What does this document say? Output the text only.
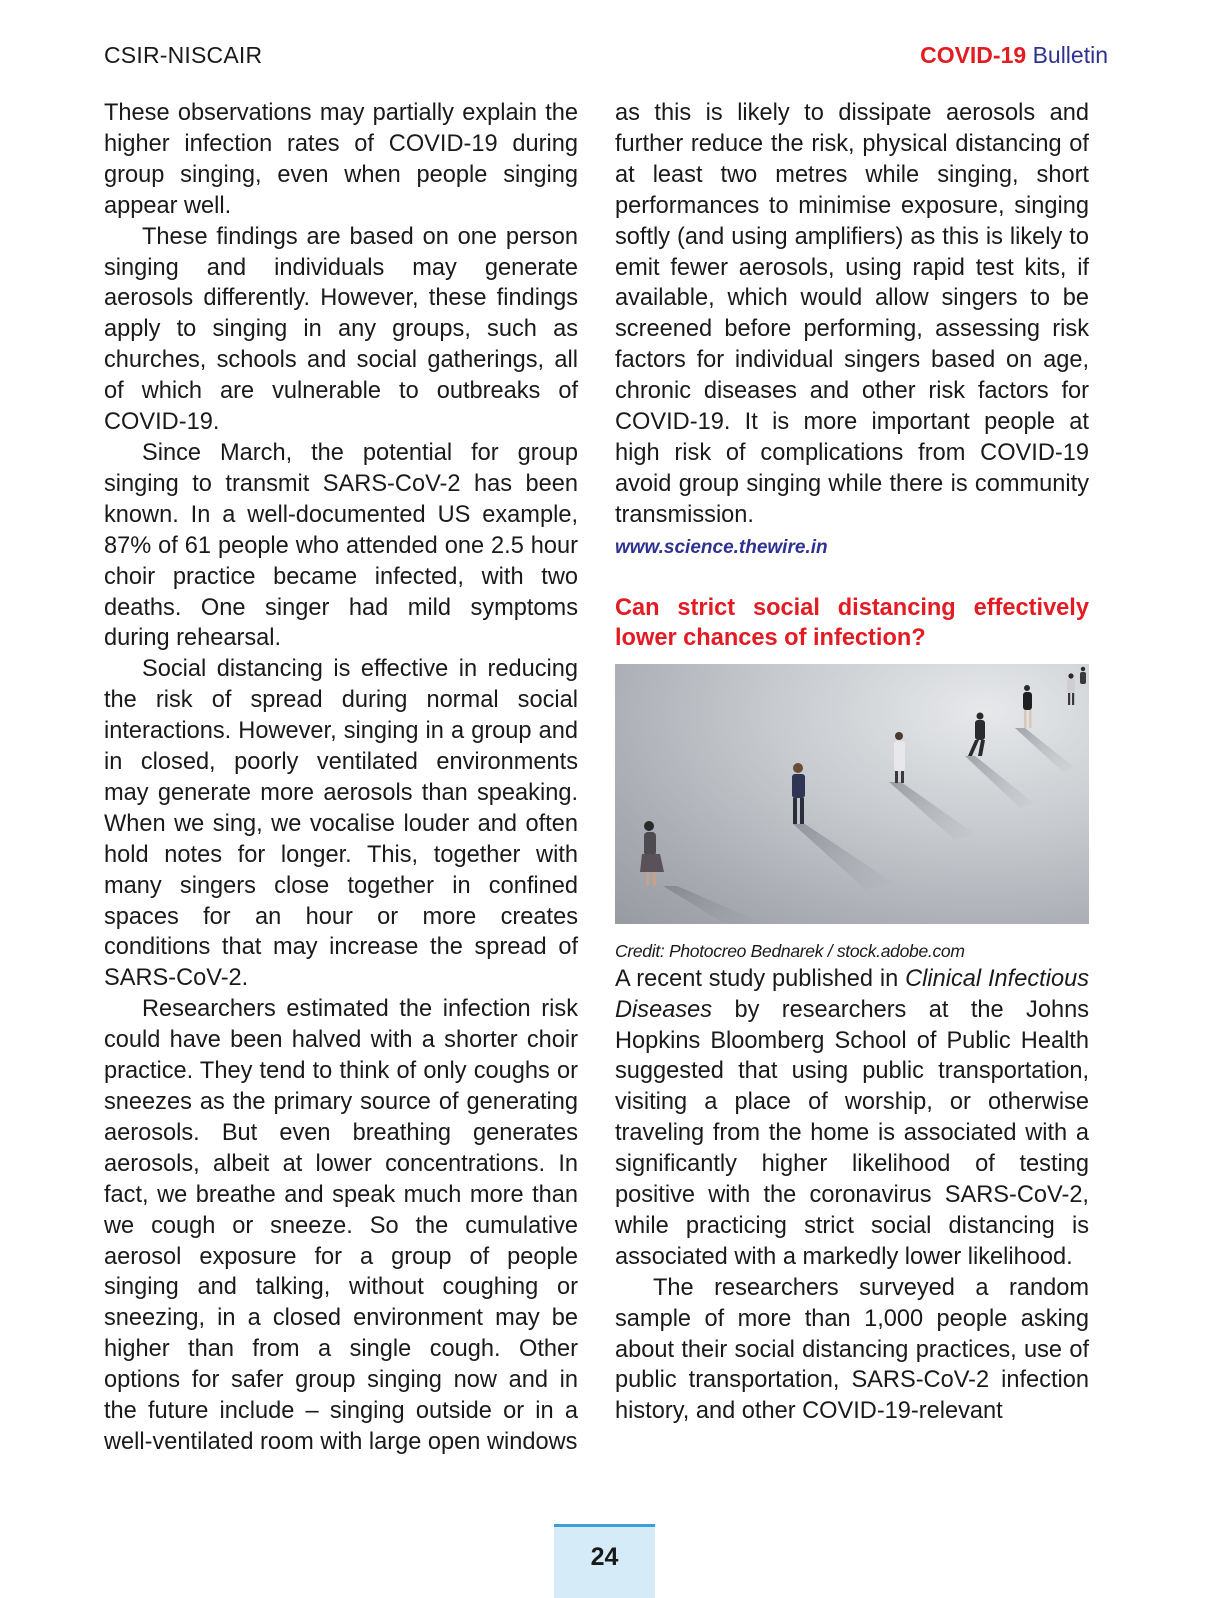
CSIR-NISCAIR	COVID-19 Bulletin

These observations may partially explain the higher infection rates of COVID-19 during group singing, even when people singing appear well.

These findings are based on one person singing and individuals may generate aerosols differently. However, these findings apply to singing in any groups, such as churches, schools and social gatherings, all of which are vulnerable to outbreaks of COVID-19.

Since March, the potential for group singing to transmit SARS-CoV-2 has been known. In a well-documented US example, 87% of 61 people who attended one 2.5 hour choir practice became infected, with two deaths. One singer had mild symptoms during rehearsal.

Social distancing is effective in reducing the risk of spread during normal social interactions. However, singing in a group and in closed, poorly ventilated environments may generate more aerosols than speaking. When we sing, we vocalise louder and often hold notes for longer. This, together with many singers close together in confined spaces for an hour or more creates conditions that may increase the spread of SARS-CoV-2.

Researchers estimated the infection risk could have been halved with a shorter choir practice. They tend to think of only coughs or sneezes as the primary source of generating aerosols. But even breathing generates aerosols, albeit at lower concentrations. In fact, we breathe and speak much more than we cough or sneeze. So the cumulative aerosol exposure for a group of people singing and talking, without coughing or sneezing, in a closed environment may be higher than from a single cough. Other options for safer group singing now and in the future include – singing outside or in a well-ventilated room with large open windows

as this is likely to dissipate aerosols and further reduce the risk, physical distancing of at least two metres while singing, short performances to minimise exposure, singing softly (and using amplifiers) as this is likely to emit fewer aerosols, using rapid test kits, if available, which would allow singers to be screened before performing, assessing risk factors for individual singers based on age, chronic diseases and other risk factors for COVID-19. It is more important people at high risk of complications from COVID-19 avoid group singing while there is community transmission.

www.science.thewire.in
Can strict social distancing effectively lower chances of infection?
Credit: Photocreo Bednarek / stock.adobe.com

A recent study published in Clinical Infectious Diseases by researchers at the Johns Hopkins Bloomberg School of Public Health suggested that using public transportation, visiting a place of worship, or otherwise traveling from the home is associated with a significantly higher likelihood of testing positive with the coronavirus SARS-CoV-2, while practicing strict social distancing is associated with a markedly lower likelihood.

The researchers surveyed a random sample of more than 1,000 people asking about their social distancing practices, use of public transportation, SARS-CoV-2 infection history, and other COVID-19-relevant

24
